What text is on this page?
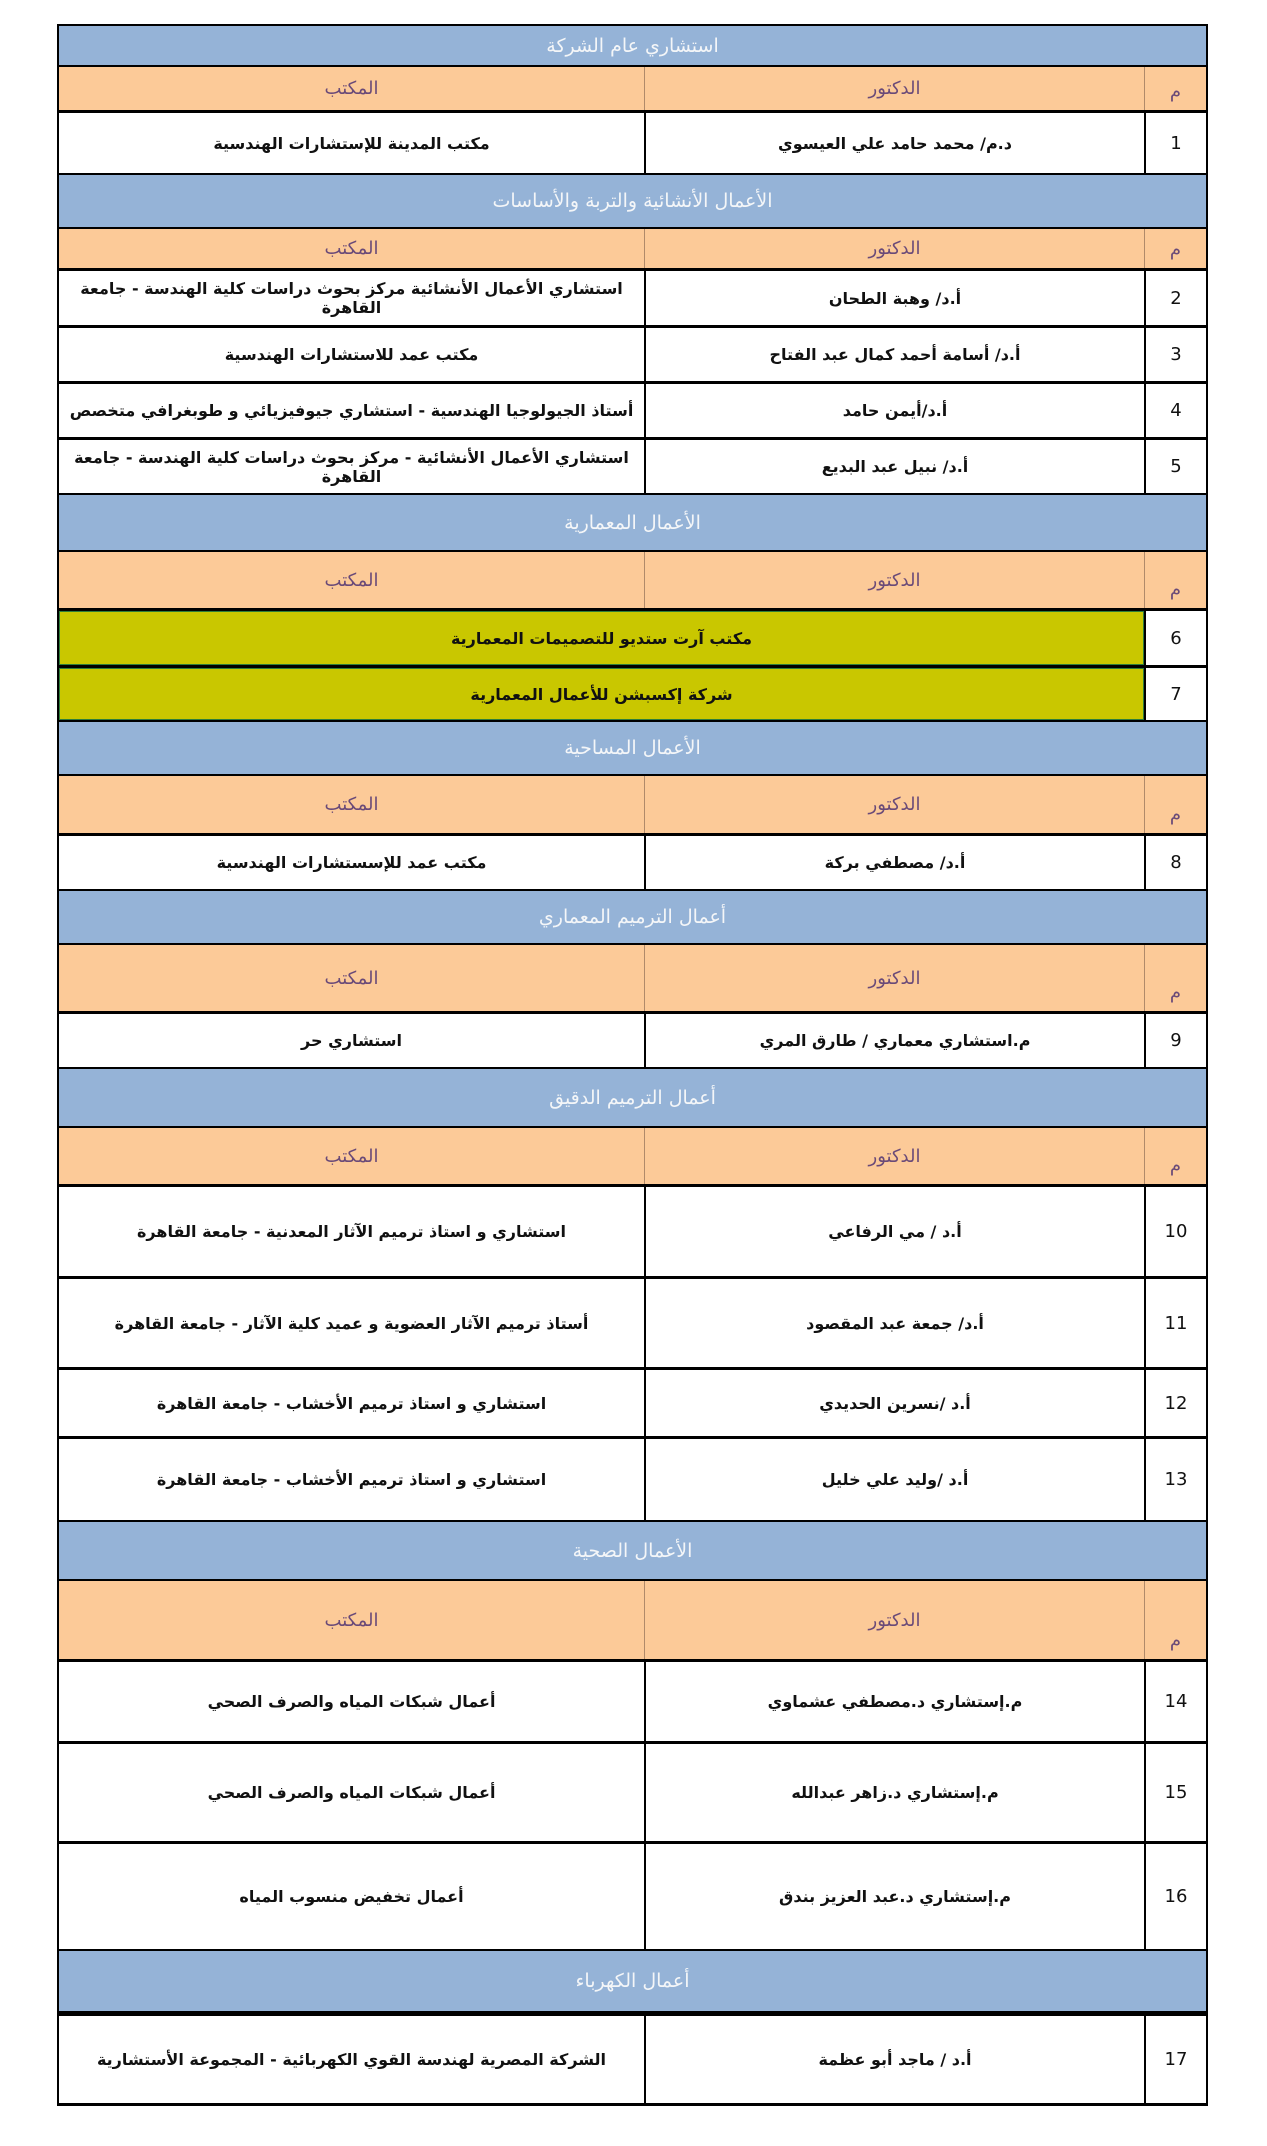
استشاري عام الشركة
م
الدكتور
المكتب
1
د.م/ محمد حامد علي العيسوي
مكتب المدينة للإستشارات الهندسية
الأعمال الأنشائية والتربة والأساسات
م
الدكتور
المكتب
2
أ.د/ وهبة الطحان
استشاري الأعمال الأنشائية مركز بحوث دراسات كلية الهندسة - جامعة القاهرة
3
أ.د/ أسامة أحمد كمال عبد الفتاح
مكتب عمد للاستشارات الهندسية
4
أ.د/أيمن حامد
أستاذ الجيولوجيا الهندسية - استشاري جيوفيزيائي و طوبغرافي متخصص
5
أ.د/ نبيل عبد البديع
استشاري الأعمال الأنشائية - مركز بحوث دراسات كلية الهندسة - جامعة القاهرة
الأعمال المعمارية
م
الدكتور
المكتب
6
مكتب آرت ستديو للتصميمات المعمارية
7
شركة إكسبشن للأعمال المعمارية
الأعمال المساحية
م
الدكتور
المكتب
8
أ.د/ مصطفي بركة
مكتب عمد للإسستشارات الهندسية
أعمال الترميم المعماري
م
الدكتور
المكتب
9
م.استشاري معماري / طارق المري
استشاري حر
أعمال الترميم الدقيق
م
الدكتور
المكتب
10
أ.د / مي الرفاعي
استشاري و استاذ ترميم الآثار المعدنية - جامعة القاهرة
11
أ.د/ جمعة عبد المقصود
أستاذ ترميم الآثار العضوية و عميد كلية الآثار - جامعة القاهرة
12
أ.د /نسرين الحديدي
استشاري و استاذ ترميم الأخشاب - جامعة القاهرة
13
أ.د /وليد علي خليل
استشاري و استاذ ترميم الأخشاب - جامعة القاهرة
الأعمال الصحية
م
الدكتور
المكتب
14
م.إستشاري د.مصطفي عشماوي
أعمال شبكات المياه والصرف الصحي
15
م.إستشاري د.زاهر عبدالله
أعمال شبكات المياه والصرف الصحي
16
م.إستشاري د.عبد العزيز بندق
أعمال تخفيض منسوب المياه
أعمال الكهرباء
17
أ.د / ماجد أبو عظمة
الشركة المصرية لهندسة القوي الكهربائية - المجموعة الأستشارية
